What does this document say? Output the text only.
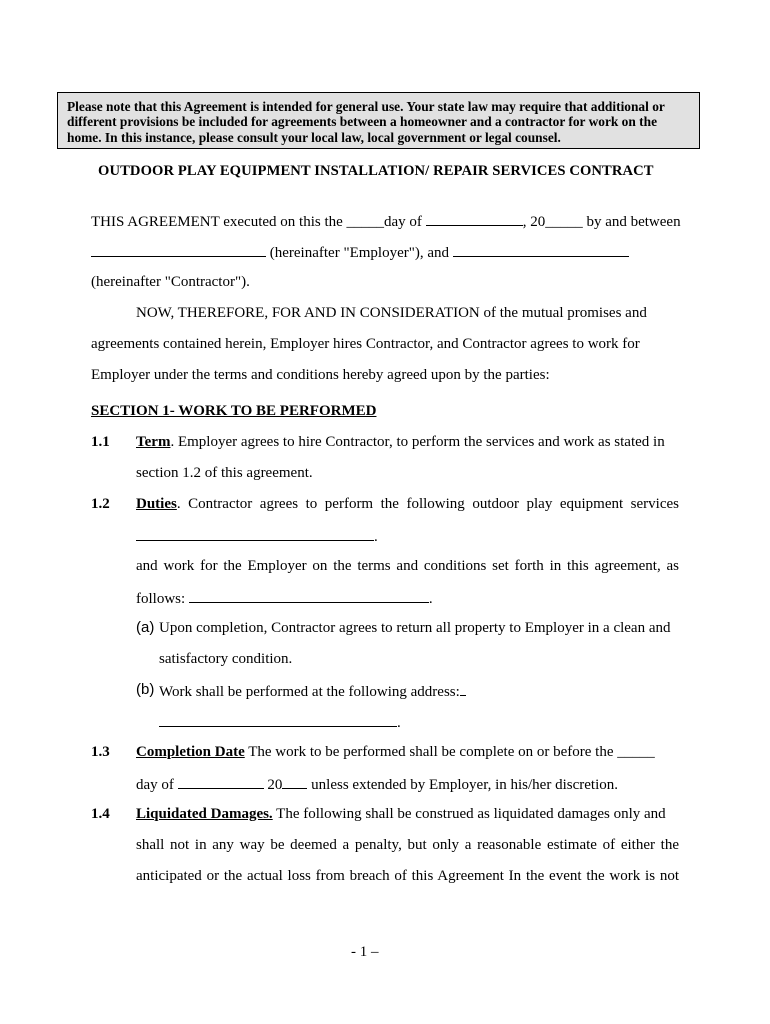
Please note that this Agreement is intended for general use. Your state law may require that additional or
different provisions be included for agreements between a homeowner and a contractor for work on the
home. In this instance, please consult your local law, local government or legal counsel.
OUTDOOR PLAY EQUIPMENT INSTALLATION/ REPAIR SERVICES CONTRACT
THIS AGREEMENT executed on this the _____day of	, 20_____ by and between
(hereinafter "Employer"), and
(hereinafter "Contractor").
NOW, THEREFORE, FOR AND IN CONSIDERATION of the mutual promises and
agreements contained herein, Employer hires Contractor, and Contractor agrees to work for
Employer under the terms and conditions hereby agreed upon by the parties:
SECTION 1- WORK TO BE PERFORMED
1.1 Term. Employer agrees to hire Contractor, to perform the services and work as stated in
section 1.2 of this agreement.
1.2 Duties. Contractor agrees to perform the following outdoor play equipment services
.
and work for the Employer on the terms and conditions set forth in this agreement, as
follows:	.
(a) Upon completion, Contractor agrees to return all property to Employer in a clean and
satisfactory condition.
(b) Work shall be performed at the following address:
.
1.3 Completion Date The work to be performed shall be complete on or before the _____
day of	20 unless extended by Employer, in his/her discretion.
1.4 Liquidated Damages. The following shall be construed as liquidated damages only and
shall not in any way be deemed a penalty, but only a reasonable estimate of either the
anticipated or the actual loss from breach of this Agreement In the event the work is not
- 1 –
